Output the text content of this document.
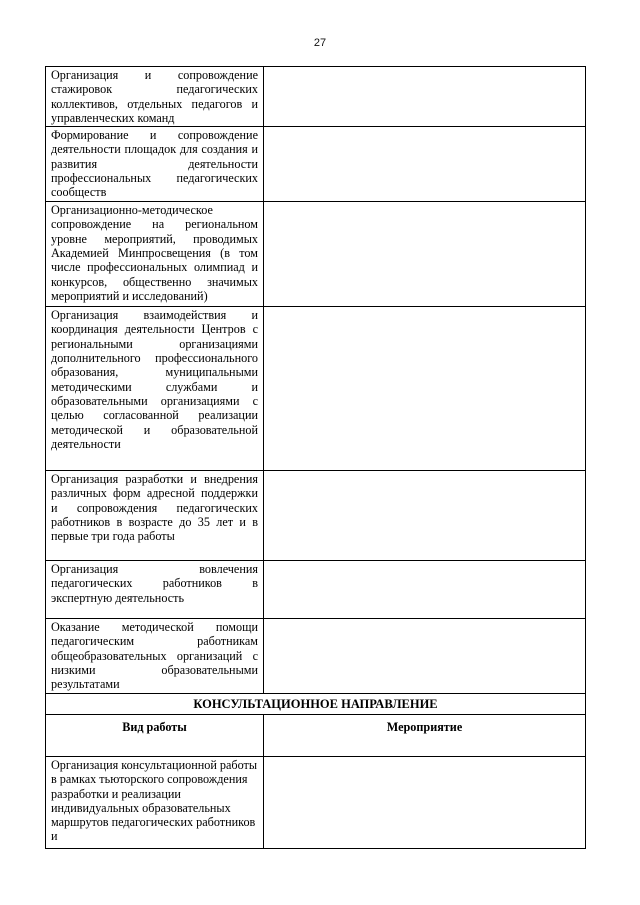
27
Организация и сопровождение стажировок педагогических коллективов, отдельных педагогов и управленческих команд	
Формирование и сопровождение деятельности площадок для создания и развития деятельности профессиональных педагогических сообществ	
Организационно-методическое сопровождение на региональном уровне мероприятий, проводимых Академией Минпросвещения (в том числе профессиональных олимпиад и конкурсов, общественно значимых мероприятий и исследований)	
Организация взаимодействия и координация деятельности Центров с региональными организациями дополнительного профессионального образования, муниципальными методическими службами и образовательными организациями с целью согласованной реализации методической и образовательной деятельности	
Организация разработки и внедрения различных форм адресной поддержки и сопровождения педагогических работников в возрасте до 35 лет и в первые три года работы	
Организация вовлечения педагогических работников в экспертную деятельность	
Оказание методической помощи педагогическим работникам общеобразовательных организаций с низкими образовательными результатами	
КОНСУЛЬТАЦИОННОЕ НАПРАВЛЕНИЕ	
Вид работы	Мероприятие
Организация консультационной работы в рамках тьюторского сопровождения разработки и реализации индивидуальных образовательных маршрутов педагогических работников и	
